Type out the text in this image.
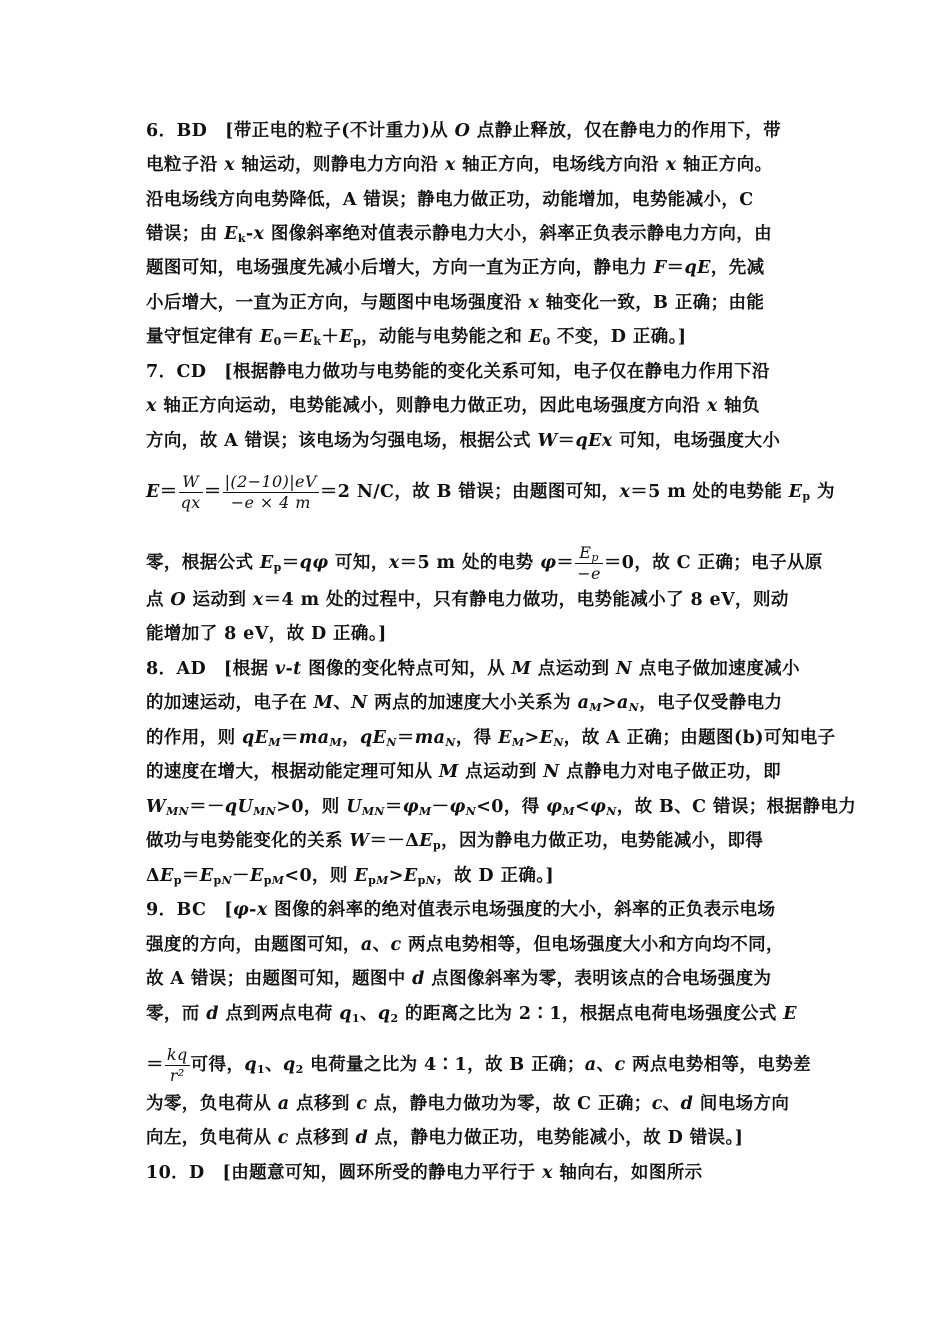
6．BD　[带正电的粒子(不计重力)从 O 点静止释放，仅在静电力的作用下，带
电粒子沿 x 轴运动，则静电力方向沿 x 轴正方向，电场线方向沿 x 轴正方向。
沿电场线方向电势降低，A 错误；静电力做正功，动能增加，电势能减小，C
错误；由 $E_k-x$ 图像斜率绝对值表示静电力大小，斜率正负表示静电力方向，由
题图可知，电场强度先减小后增大，方向一直为正方向，静电力 F＝qE，先减
小后增大，一直为正方向，与题图中电场强度沿 x 轴变化一致，B 正确；由能
量守恒定律有 $E_0=E_k+E_p$，动能与电势能之和 $E_0$ 不变，D 正确。]
7．CD　[根据静电力做功与电势能的变化关系可知，电子仅在静电力作用下沿
x 轴正方向运动，电势能减小，则静电力做正功，因此电场强度方向沿 x 轴负
方向，故 A 错误；该电场为匀强电场，根据公式 W＝qEx 可知，电场强度大小
$E= \frac{W}{qx} = \frac{|(2-10)|eV}{-e \times 4 m} =2$ N/C，故 B 错误；由题图可知，x＝5 m 处的电势能 $E_p$ 为
零，根据公式 $E_p=q\varphi$ 可知，x＝5 m 处的电势 $\varphi= \frac{E_p}{-e} =0$，故 C 正确；电子从原
点 O 运动到 x＝4 m 处的过程中，只有静电力做功，电势能减小了 8 eV，则动
能增加了 8 eV，故 D 正确。]
8．AD　[根据 v-t 图像的变化特点可知，从 M 点运动到 N 点电子做加速度减小
的加速运动，电子在 M、N 两点的加速度大小关系为 $a_M>a_N$，电子仅受静电力
的作用，则 $qE_M=ma_M$，$qE_N=ma_N$，得 $E_M>E_N$，故 A 正确；由题图(b)可知电子
的速度在增大，根据动能定理可知从 M 点运动到 N 点静电力对电子做正功，即
$W_{MN}=-qU_{MN}>0$，则 $U_{MN}=\varphi_M-\varphi_N<0$，得 $\varphi_M<\varphi_N$，故 B、C 错误；根据静电力
做功与电势能变化的关系 $W=-\Delta E_p$，因为静电力做正功，电势能减小，即得
$\Delta E_p=E_{pN}-E_{pM}<0$，则 $E_{pM}>E_{pN}$，故 D 正确。]
9．BC　[φ-x 图像的斜率的绝对值表示电场强度的大小，斜率的正负表示电场
强度的方向，由题图可知，a、c 两点电势相等，但电场强度大小和方向均不同，
故 A 错误；由题图可知，题图中 d 点图像斜率为零，表明该点的合电场强度为
零，而 d 点到两点电荷 $q_1$、$q_2$ 的距离之比为 2∶1，根据点电荷电场强度公式 E
＝ $\frac{kq}{\text{r²}}$ 可得，$q_1$、$q_2$ 电荷量之比为 4∶1，故 B 正确；a、c 两点电势相等，电势差
为零，负电荷从 a 点移到 c 点，静电力做功为零，故 C 正确；c、d 间电场方向
向左，负电荷从 c 点移到 d 点，静电力做正功，电势能减小，故 D 错误。]
10．D　[由题意可知，圆环所受的静电力平行于 x 轴向右，如图所示
